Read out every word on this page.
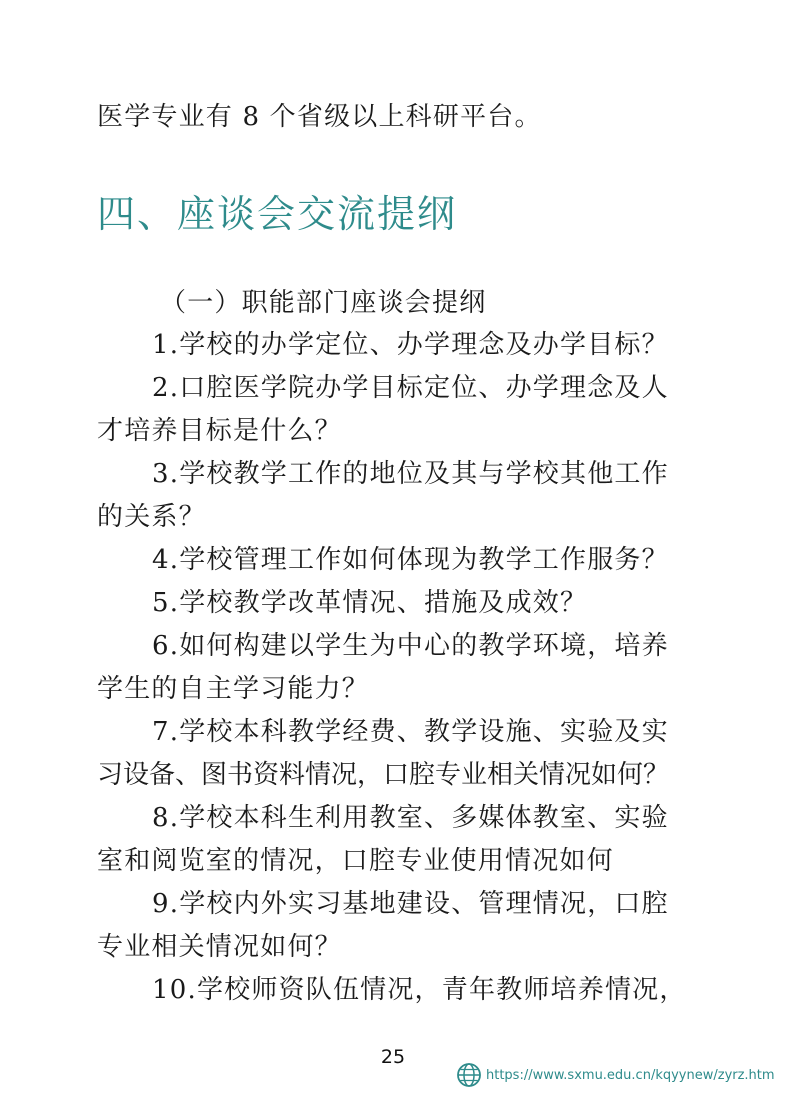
医学专业有 8 个省级以上科研平台。
四、座谈会交流提纲
（一）职能部门座谈会提纲
1.学校的办学定位、办学理念及办学目标？
2.口腔医学院办学目标定位、办学理念及人
才培养目标是什么？
3.学校教学工作的地位及其与学校其他工作
的关系？
4.学校管理工作如何体现为教学工作服务？
5.学校教学改革情况、措施及成效？
6.如何构建以学生为中心的教学环境，培养
学生的自主学习能力？
7.学校本科教学经费、教学设施、实验及实
习设备、图书资料情况，口腔专业相关情况如何？
8.学校本科生利用教室、多媒体教室、实验
室和阅览室的情况，口腔专业使用情况如何
9.学校内外实习基地建设、管理情况，口腔
专业相关情况如何？
10.学校师资队伍情况，青年教师培养情况，
25
https://www.sxmu.edu.cn/kqyynew/zyrz.htm
